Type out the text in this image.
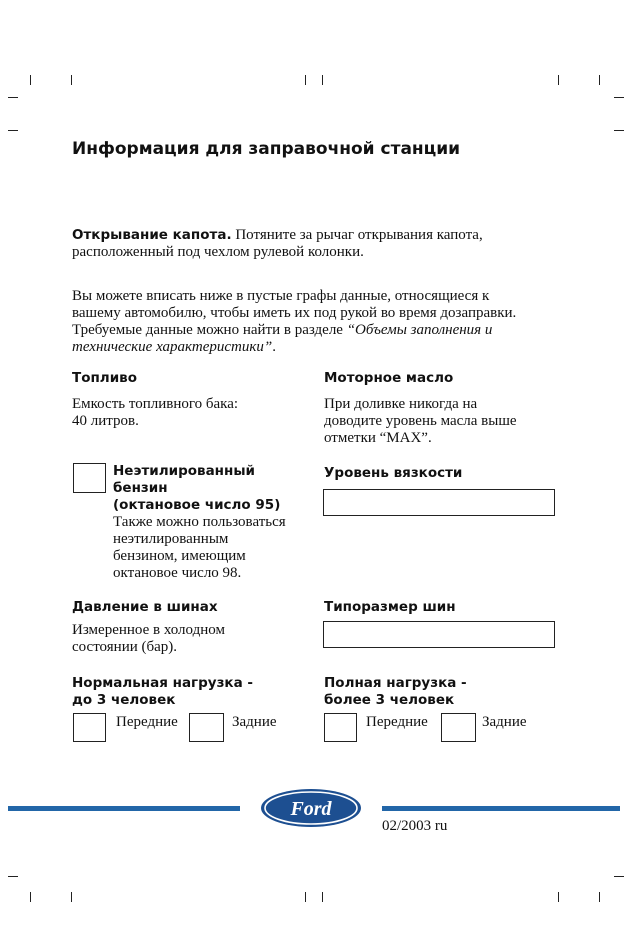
Информация для заправочной станции
Открывание капота. Потяните за рычаг открывания капота,
расположенный под чехлом рулевой колонки.
Вы можете вписать ниже в пустые графы данные, относящиеся к
вашему автомобилю, чтобы иметь их под рукой во время дозаправки.
Требуемые данные можно найти в разделе “Объемы заполнения и
технические характеристики”.
Топливо
Емкость топливного бака:
40 литров.
Моторное масло
При доливке никогда на
доводите уровень масла выше
отметки “МАХ”.
Неэтилированный
бензин
(октановое число 95)
Также можно пользоваться
неэтилированным
бензином, имеющим
октановое число 98.
Уровень вязкости
Давление в шинах
Измеренное в холодном
состоянии (бар).
Типоразмер шин
Нормальная нагрузка -
до 3 человек
Передние	Задние
Полная нагрузка -
более 3 человек
Передние	Задние
Ford
02/2003 ru
